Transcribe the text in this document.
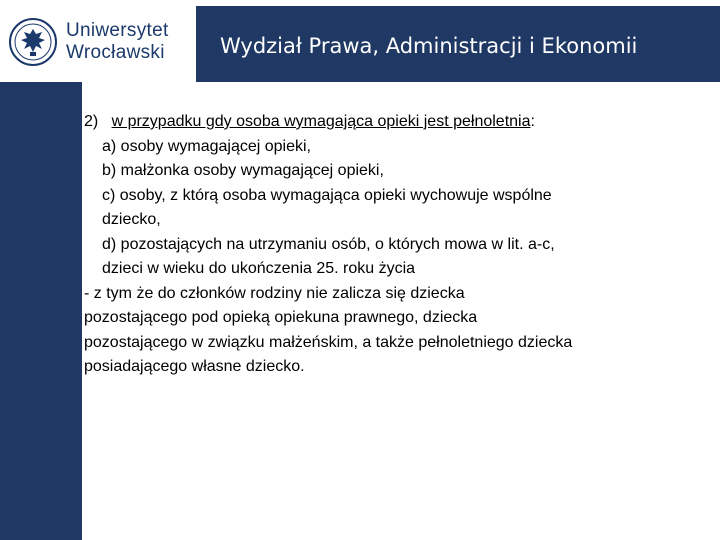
Uniwersytet
Wrocławski	Wydział Prawa, Administracji i Ekonomii
2) w przypadku gdy osoba wymagająca opieki jest pełnoletnia:
a) osoby wymagającej opieki,
b) małżonka osoby wymagającej opieki,
c) osoby, z którą osoba wymagająca opieki wychowuje wspólne
dziecko,
d) pozostających na utrzymaniu osób, o których mowa w lit. a-c,
dzieci w wieku do ukończenia 25. roku życia
- z tym że do członków rodziny nie zalicza się dziecka
pozostającego pod opieką opiekuna prawnego, dziecka
pozostającego w związku małżeńskim, a także pełnoletniego dziecka
posiadającego własne dziecko.
